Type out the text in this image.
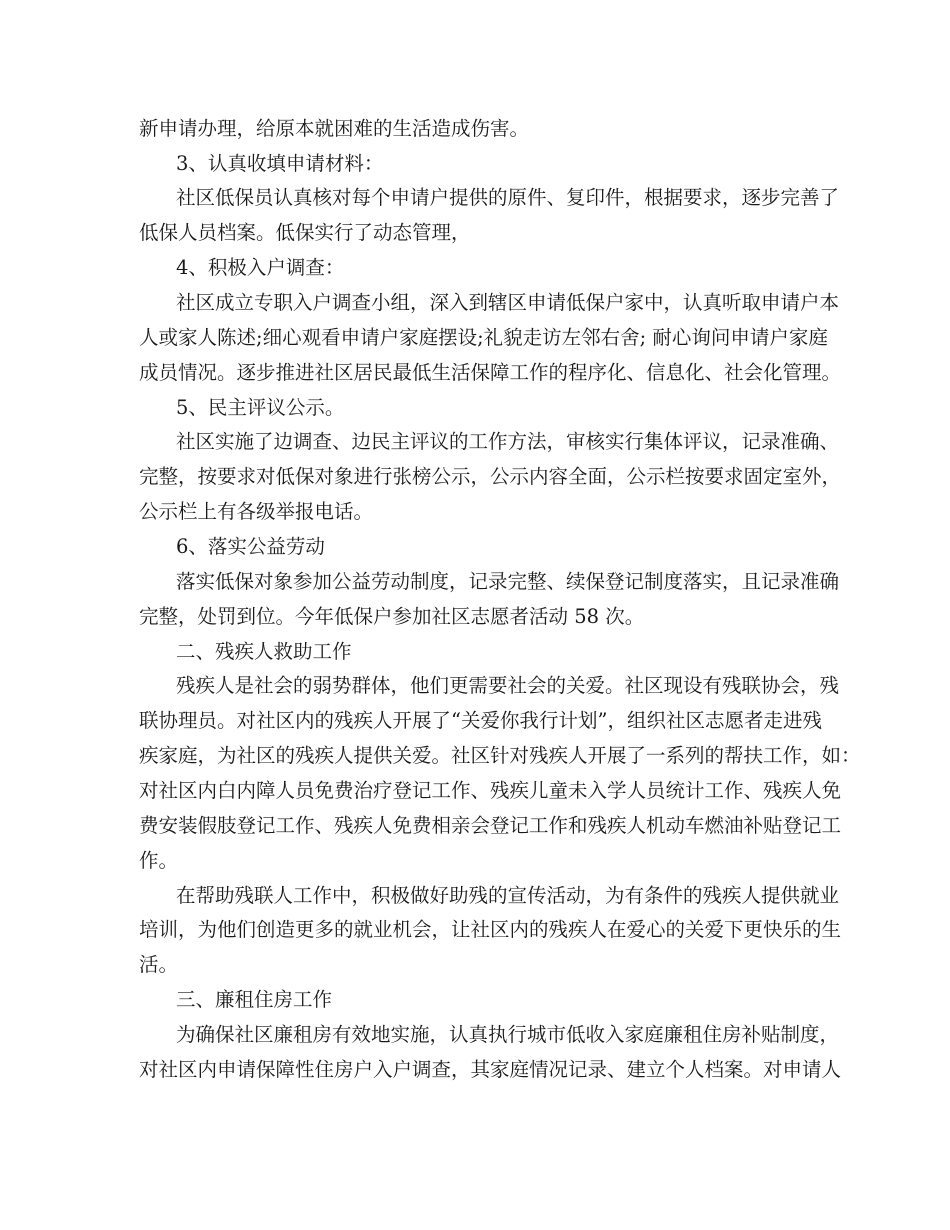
新申请办理，给原本就困难的生活造成伤害。

3、认真收填申请材料：

社区低保员认真核对每个申请户提供的原件、复印件，根据要求，逐步完善了

低保人员档案。低保实行了动态管理，

4、积极入户调查：

社区成立专职入户调查小组，深入到辖区申请低保户家中，认真听取申请户本

人或家人陈述;细心观看申请户家庭摆设;礼貌走访左邻右舍; 耐心询问申请户家庭

成员情况。逐步推进社区居民最低生活保障工作的程序化、信息化、社会化管理。

5、民主评议公示。

社区实施了边调查、边民主评议的工作方法，审核实行集体评议，记录准确、

完整，按要求对低保对象进行张榜公示，公示内容全面，公示栏按要求固定室外，

公示栏上有各级举报电话。

6、落实公益劳动

落实低保对象参加公益劳动制度，记录完整、续保登记制度落实，且记录准确

完整，处罚到位。今年低保户参加社区志愿者活动 58 次。

二、残疾人救助工作

残疾人是社会的弱势群体，他们更需要社会的关爱。社区现设有残联协会，残

联协理员。对社区内的残疾人开展了“关爱你我行计划”，组织社区志愿者走进残

疾家庭，为社区的残疾人提供关爱。社区针对残疾人开展了一系列的帮扶工作，如：

对社区内白内障人员免费治疗登记工作、残疾儿童未入学人员统计工作、残疾人免

费安装假肢登记工作、残疾人免费相亲会登记工作和残疾人机动车燃油补贴登记工

作。

在帮助残联人工作中，积极做好助残的宣传活动，为有条件的残疾人提供就业

培训，为他们创造更多的就业机会，让社区内的残疾人在爱心的关爱下更快乐的生

活。

三、廉租住房工作

为确保社区廉租房有效地实施，认真执行城市低收入家庭廉租住房补贴制度，

对社区内申请保障性住房户入户调查，其家庭情况记录、建立个人档案。对申请人
